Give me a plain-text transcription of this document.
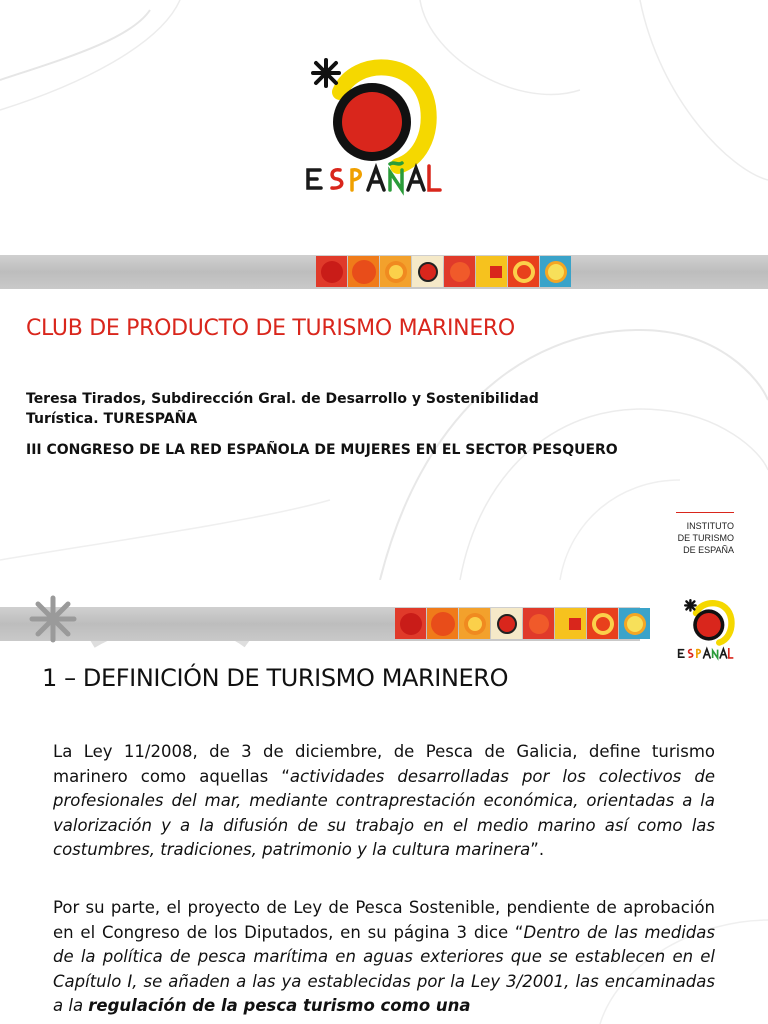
CLUB DE PRODUCTO DE TURISMO MARINERO

Teresa Tirados, Subdirección Gral. de Desarrollo y Sostenibilidad Turística. TURESPAÑA

III CONGRESO DE LA RED ESPAÑOLA DE MUJERES EN EL SECTOR PESQUERO

INSTITUTO
DE TURISMO
DE ESPAÑA
1 – DEFINICIÓN DE TURISMO MARINERO

La Ley 11/2008, de 3 de diciembre, de Pesca de Galicia, define turismo marinero como aquellas “actividades desarrolladas por los colectivos de profesionales del mar, mediante contraprestación económica, orientadas a la valorización y a la difusión de su trabajo en el medio marino así como las costumbres, tradiciones, patrimonio y la cultura marinera”.

Por su parte, el proyecto de Ley de Pesca Sostenible, pendiente de aprobación en el Congreso de los Diputados, en su página 3 dice “Dentro de las medidas de la política de pesca marítima en aguas exteriores que se establecen en el Capítulo I, se añaden a las ya establecidas por la Ley 3/2001, las encaminadas a la regulación de la pesca turismo como una
